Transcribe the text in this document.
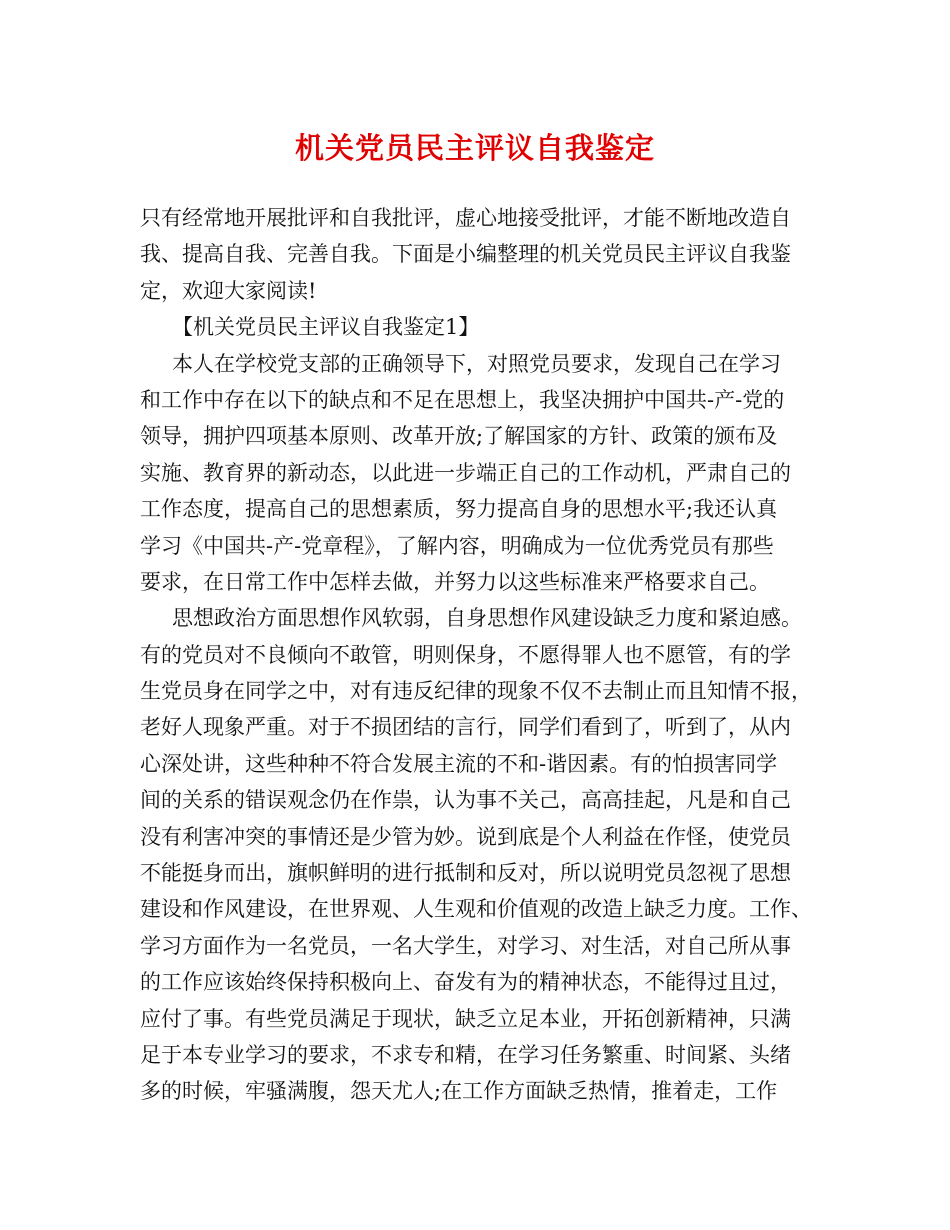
机关党员民主评议自我鉴定
只有经常地开展批评和自我批评，虚心地接受批评，才能不断地改造自
我、提高自我、完善自我。下面是小编整理的机关党员民主评议自我鉴
定，欢迎大家阅读!
【机关党员民主评议自我鉴定1】
本人在学校党支部的正确领导下，对照党员要求，发现自己在学习
和工作中存在以下的缺点和不足在思想上，我坚决拥护中国共-产-党的
领导，拥护四项基本原则、改革开放;了解国家的方针、政策的颁布及
实施、教育界的新动态，以此进一步端正自己的工作动机，严肃自己的
工作态度，提高自己的思想素质，努力提高自身的思想水平;我还认真
学习《中国共-产-党章程》，了解内容，明确成为一位优秀党员有那些
要求，在日常工作中怎样去做，并努力以这些标准来严格要求自己。
思想政治方面思想作风软弱，自身思想作风建设缺乏力度和紧迫感。
有的党员对不良倾向不敢管，明则保身，不愿得罪人也不愿管，有的学
生党员身在同学之中，对有违反纪律的现象不仅不去制止而且知情不报，
老好人现象严重。对于不损团结的言行，同学们看到了，听到了，从内
心深处讲，这些种种不符合发展主流的不和-谐因素。有的怕损害同学
间的关系的错误观念仍在作祟，认为事不关己，高高挂起，凡是和自己
没有利害冲突的事情还是少管为妙。说到底是个人利益在作怪，使党员
不能挺身而出，旗帜鲜明的进行抵制和反对，所以说明党员忽视了思想
建设和作风建设，在世界观、人生观和价值观的改造上缺乏力度。工作、
学习方面作为一名党员，一名大学生，对学习、对生活，对自己所从事
的工作应该始终保持积极向上、奋发有为的精神状态，不能得过且过，
应付了事。有些党员满足于现状，缺乏立足本业，开拓创新精神，只满
足于本专业学习的要求，不求专和精，在学习任务繁重、时间紧、头绪
多的时候，牢骚满腹，怨天尤人;在工作方面缺乏热情，推着走，工作
